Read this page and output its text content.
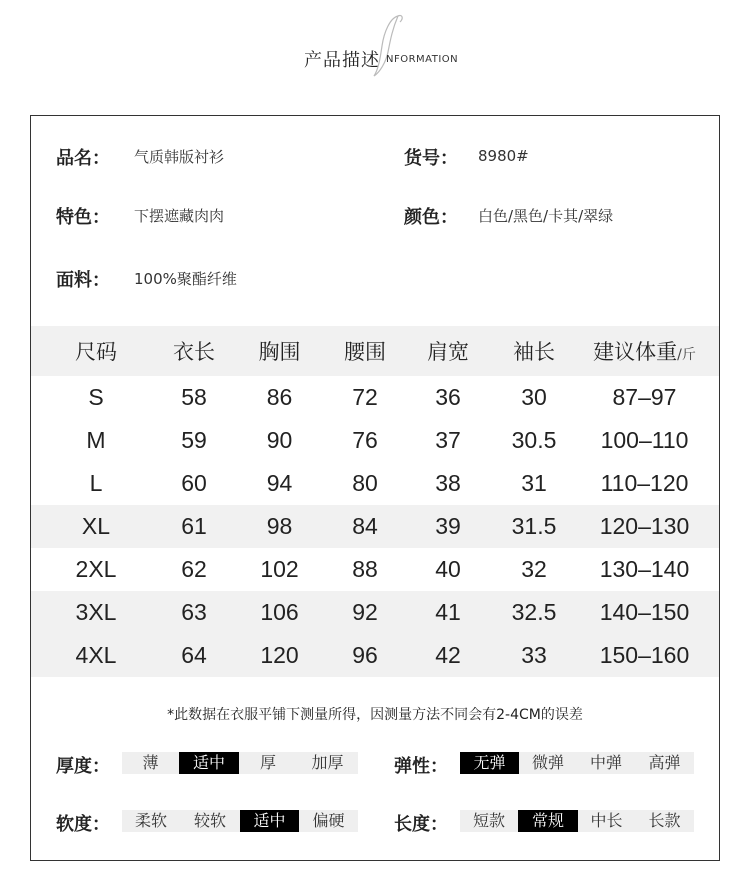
产品描述 NFORMATION
品名： 气质韩版衬衫	货号： 8980#
特色： 下摆遮藏肉肉	颜色： 白色/黑色/卡其/翠绿
面料： 100%聚酯纤维
尺码	衣长	胸围	腰围	肩宽	袖长	建议体重/斤
S	58	86	72	36	30	87–97
M	59	90	76	37	30.5	100–110
L	60	94	80	38	31	110–120
XL	61	98	84	39	31.5	120–130
2XL	62	102	88	40	32	130–140
3XL	63	106	92	41	32.5	140–150
4XL	64	120	96	42	33	150–160
*此数据在衣服平铺下测量所得，因测量方法不同会有2-4CM的误差
厚度：	薄	适中	厚	加厚	弹性：	无弹	微弹	中弹	高弹
软度：	柔软	较软	适中	偏硬	长度：	短款	常规	中长	长款
